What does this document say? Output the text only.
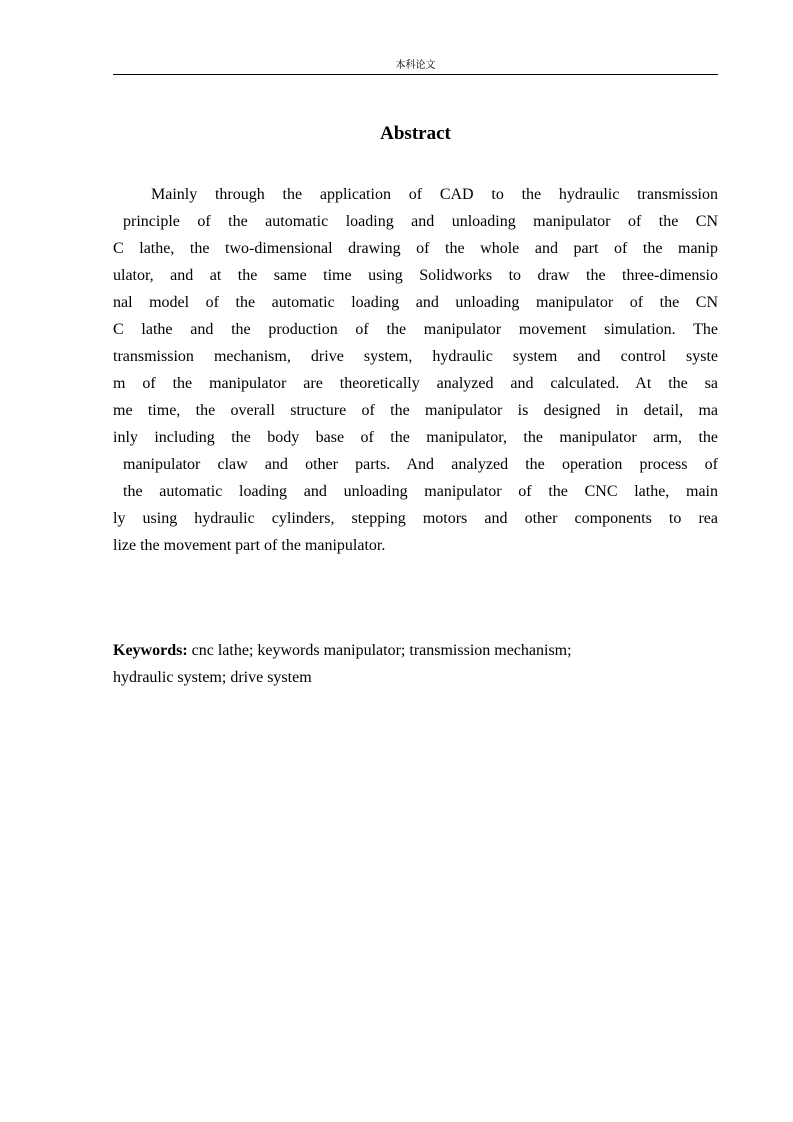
本科论文
Abstract
Mainly through the application of CAD to the hydraulic transmission
principle of the automatic loading and unloading manipulator of the CN
C lathe, the two-dimensional drawing of the whole and part of the manip
ulator, and at the same time using Solidworks to draw the three-dimensio
nal model of the automatic loading and unloading manipulator of the CN
C lathe and the production of the manipulator movement simulation. The
transmission mechanism, drive system, hydraulic system and control syste
m of the manipulator are theoretically analyzed and calculated. At the sa
me time, the overall structure of the manipulator is designed in detail, ma
inly including the body base of the manipulator, the manipulator arm, the
manipulator claw and other parts. And analyzed the operation process of
the automatic loading and unloading manipulator of the CNC lathe, main
ly using hydraulic cylinders, stepping motors and other components to rea
lize the movement part of the manipulator.
Keywords: cnc lathe; keywords manipulator; transmission mechanism;
hydraulic system; drive system
